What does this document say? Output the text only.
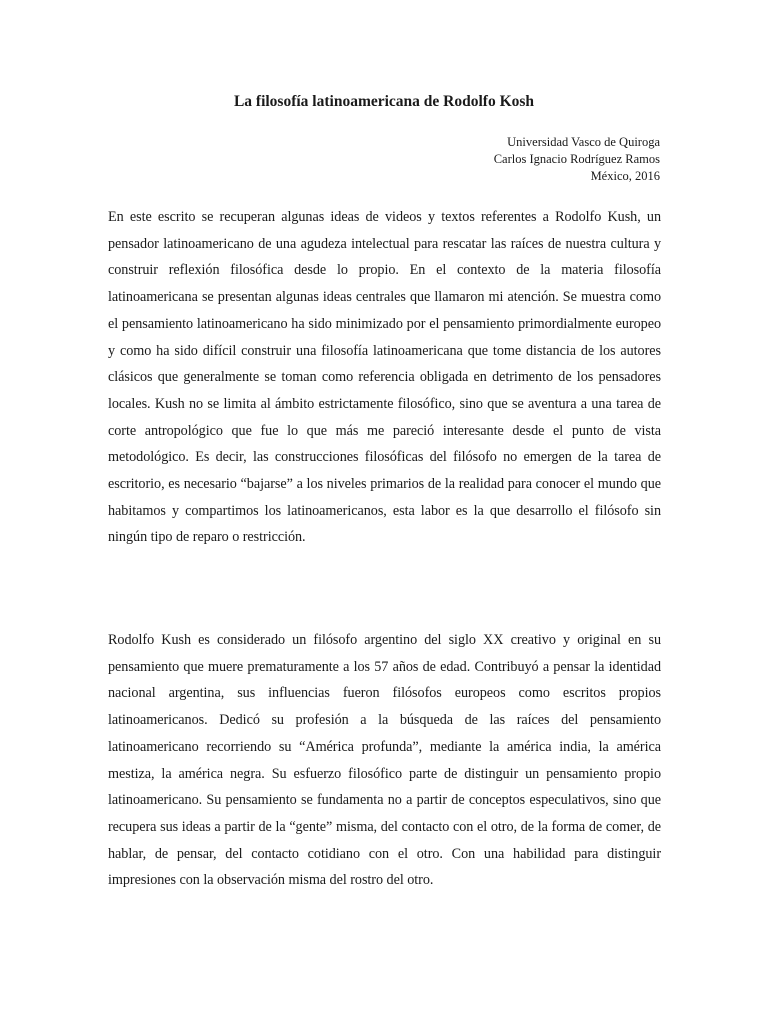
La filosofía latinoamericana de Rodolfo Kosh
Universidad Vasco de Quiroga
Carlos Ignacio Rodríguez Ramos
México, 2016

En este escrito se recuperan algunas ideas de videos y textos referentes a Rodolfo Kush, un pensador latinoamericano de una agudeza intelectual para rescatar las raíces de nuestra cultura y construir reflexión filosófica desde lo propio. En el contexto de la materia filosofía latinoamericana se presentan algunas ideas centrales que llamaron mi atención. Se muestra como el pensamiento latinoamericano ha sido minimizado por el pensamiento primordialmente europeo y como ha sido difícil construir una filosofía latinoamericana que tome distancia de los autores clásicos que generalmente se toman como referencia obligada en detrimento de los pensadores locales. Kush no se limita al ámbito estrictamente filosófico, sino que se aventura a una tarea de corte antropológico que fue lo que más me pareció interesante desde el punto de vista metodológico. Es decir, las construcciones filosóficas del filósofo no emergen de la tarea de escritorio, es necesario “bajarse” a los niveles primarios de la realidad para conocer el mundo que habitamos y compartimos los latinoamericanos, esta labor es la que desarrollo el filósofo sin ningún tipo de reparo o restricción.

Rodolfo Kush es considerado un filósofo argentino del siglo XX creativo y original en su pensamiento que muere prematuramente a los 57 años de edad. Contribuyó a pensar la identidad nacional argentina, sus influencias fueron filósofos europeos como escritos propios latinoamericanos. Dedicó su profesión a la búsqueda de las raíces del pensamiento latinoamericano recorriendo su “América profunda”, mediante la américa india, la américa mestiza, la américa negra. Su esfuerzo filosófico parte de distinguir un pensamiento propio latinoamericano. Su pensamiento se fundamenta no a partir de conceptos especulativos, sino que recupera sus ideas a partir de la “gente” misma, del contacto con el otro, de la forma de comer, de hablar, de pensar, del contacto cotidiano con el otro. Con una habilidad para distinguir impresiones con la observación misma del rostro del otro.
